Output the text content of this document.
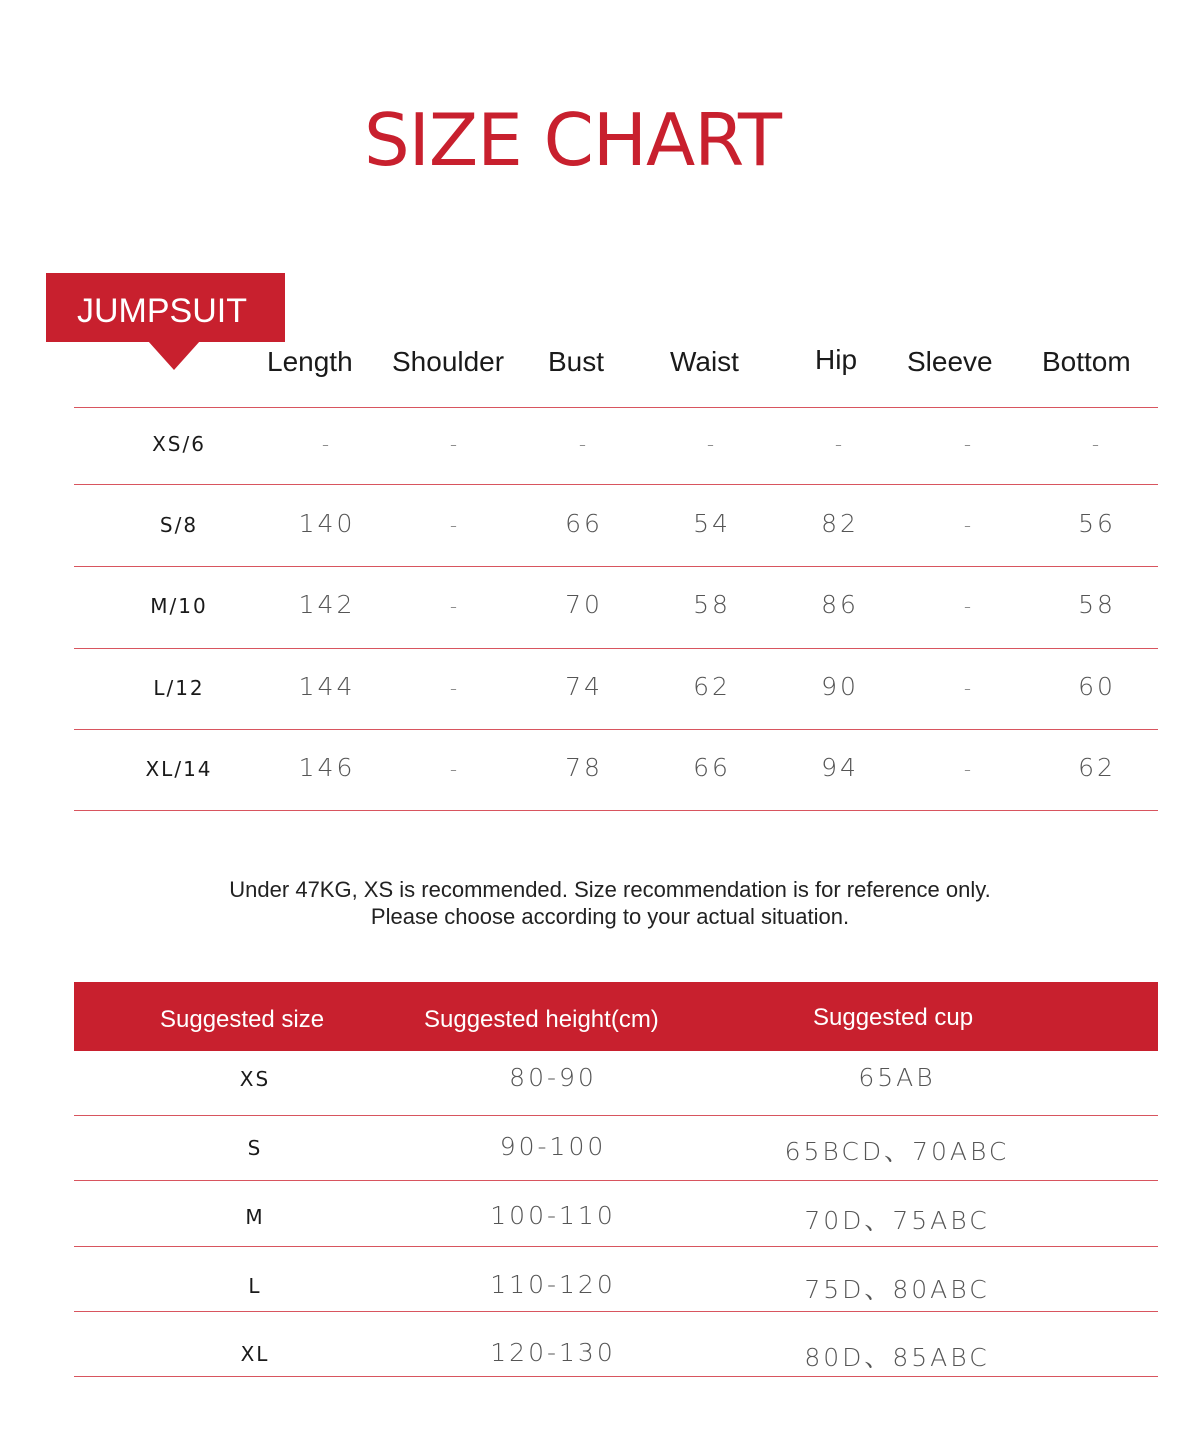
SIZE CHART
JUMPSUIT
Length Shoulder Bust Waist	Hip Sleeve Bottom
XS/6	-	-	-	-	-	-	-
S/8	140	-	66	54	82	-	56
M/10	142	-	70	58	86	-	58
L/12	144	-	74	62	90	-	60
XL/14	146	-	78	66	94	-	62
Under 47KG, XS is recommended. Size recommendation is for reference only.
Please choose according to your actual situation.
Suggested size	Suggested height(cm)	Suggested cup
XS	80-90	65AB
S	90-100	65BCD、70ABC
M	100-110	70D、75ABC
L	110-120	75D、80ABC
XL	120-130	80D、85ABC
